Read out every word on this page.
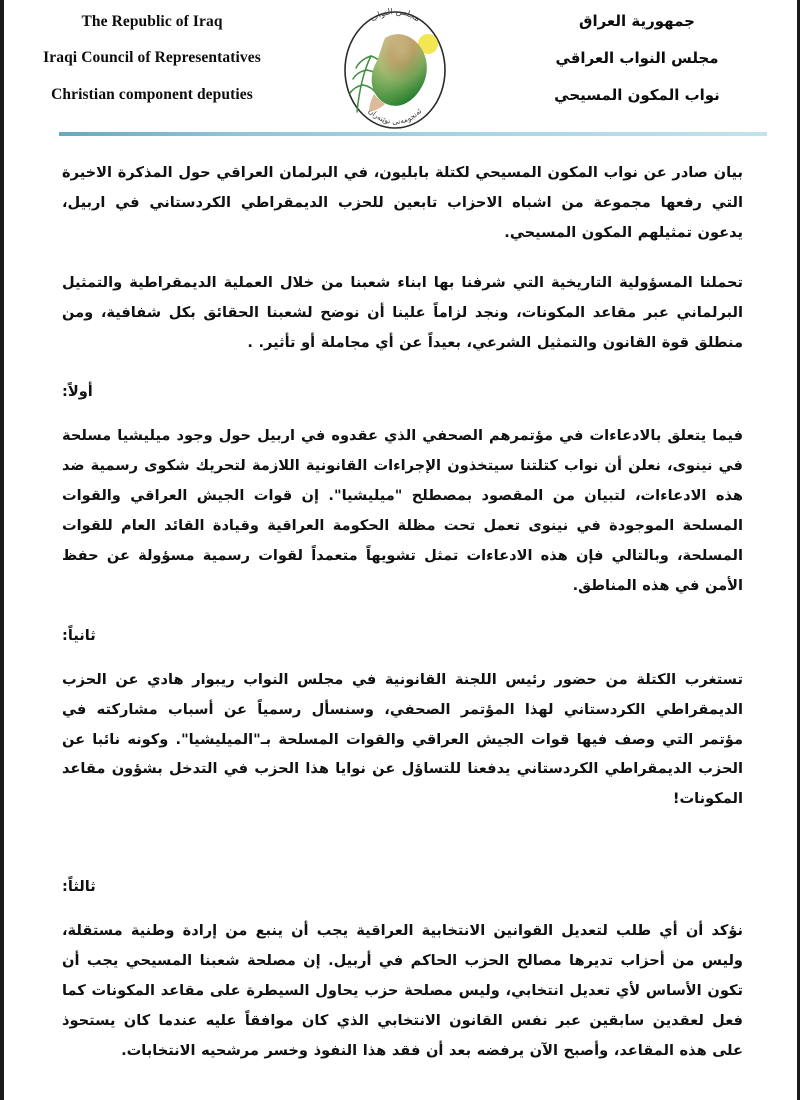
جمهورية العراق
مجلس النواب العراقي
نواب المكون المسيحي
مجلس النواب
ئه‌نجومه‌نی نوێنه‌ران
The Republic of Iraq
Iraqi Council of Representatives
Christian component deputies

بيان صادر عن نواب المكون المسيحي لكتلة بابليون، في البرلمان العراقي حول المذكرة الاخيرة التي رفعها مجموعة من اشباه الاحزاب تابعين للحزب الديمقراطي الكردستاني في اربيل، يدعون تمثيلهم المكون المسيحي.

تحملنا المسؤولية التاريخية التي شرفنا بها ابناء شعبنا من خلال العملية الديمقراطية والتمثيل البرلماني عبر مقاعد المكونات، ونجد لزاماً علينا أن نوضح لشعبنا الحقائق بكل شفافية، ومن منطلق قوة القانون والتمثيل الشرعي، بعيداً عن أي مجاملة أو تأثير. .

أولاً:

فيما يتعلق بالادعاءات في مؤتمرهم الصحفي الذي عقدوه في اربيل حول وجود ميليشيا مسلحة في نينوى، نعلن أن نواب كتلتنا سيتخذون الإجراءات القانونية اللازمة لتحريك شكوى رسمية ضد هذه الادعاءات، لتبيان من المقصود بمصطلح "ميليشيا". إن قوات الجيش العراقي والقوات المسلحة الموجودة في نينوى تعمل تحت مظلة الحكومة العراقية وقيادة القائد العام للقوات المسلحة، وبالتالي فإن هذه الادعاءات تمثل تشويهاً متعمداً لقوات رسمية مسؤولة عن حفظ الأمن في هذه المناطق.

ثانياً:

تستغرب الكتلة من حضور رئيس اللجنة القانونية في مجلس النواب ريبوار هادي عن الحزب الديمقراطي الكردستاني لهذا المؤتمر الصحفي، وسنسأل رسمياً عن أسباب مشاركته في مؤتمر التي وصف فيها قوات الجيش العراقي والقوات المسلحة بـ"الميليشيا". وكونه نائبا عن الحزب الديمقراطي الكردستاني يدفعنا للتساؤل عن نوايا هذا الحزب في التدخل بشؤون مقاعد المكونات!

ثالثاً:

نؤكد أن أي طلب لتعديل القوانين الانتخابية العراقية يجب أن ينبع من إرادة وطنية مستقلة، وليس من أحزاب تديرها مصالح الحزب الحاكم في أربيل. إن مصلحة شعبنا المسيحي يجب أن تكون الأساس لأي تعديل انتخابي، وليس مصلحة حزب يحاول السيطرة على مقاعد المكونات كما فعل لعقدين سابقين عبر نفس القانون الانتخابي الذي كان موافقاً عليه عندما كان يستحوذ على هذه المقاعد، وأصبح الآن يرفضه بعد أن فقد هذا النفوذ وخسر مرشحيه الانتخابات.
